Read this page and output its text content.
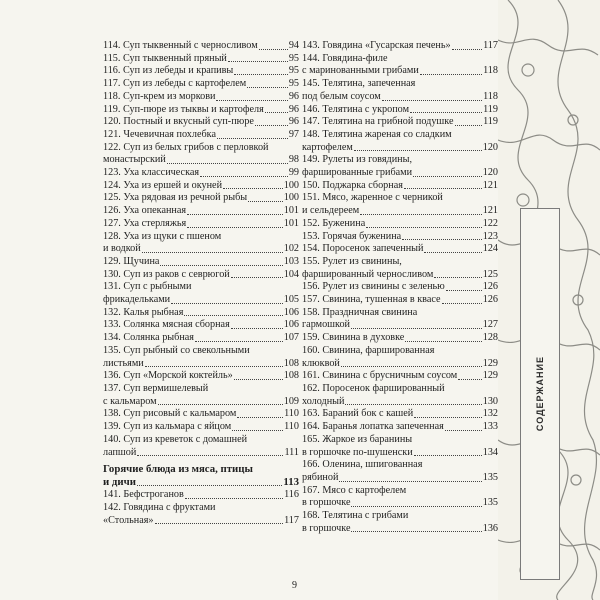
СОДЕРЖАНИЕ
114. Суп тыквенный с черносливом	94
115. Суп тыквенный пряный	95
116. Суп из лебеды и крапивы	95
117. Суп из лебеды с картофелем	95
118. Суп-крем из моркови	96
119. Суп-пюре из тыквы и картофеля 96
120. Постный и вкусный суп-пюре	96
121. Чечевичная похлебка	97
122. Суп из белых грибов с перловкой
монастырский	98
123. Уха классическая	99
124. Уха из ершей и окуней	100
125. Уха рядовая из речной рыбы	100
126. Уха опеканная	101
127. Уха стерляжья	101
128. Уха из щуки с пшеном
и водкой	102
129. Щучина	103
130. Суп из раков с севрюгой	104
131. Суп с рыбными
фрикадельками	105
132. Калья рыбная	106
133. Солянка мясная сборная	106
134. Солянка рыбная	107
135. Суп рыбный со свекольными
листьями	108
136. Суп «Морской коктейль»	108
137. Суп вермишелевый
с кальмаром	109
138. Суп рисовый с кальмаром	110
139. Суп из кальмара с яйцом	110
140. Суп из креветок с домашней
лапшой	111
Горячие блюда из мяса, птицы
и дичи	113
141. Бефстроганов	116
142. Говядина с фруктами
«Стольная»	117
143. Говядина «Гусарская печень»	117
144. Говядина-филе
с маринованными грибами	118
145. Телятина, запеченная
под белым соусом	118
146. Телятина с укропом	119
147. Телятина на грибной подушке	119
148. Телятина жареная со сладким
картофелем	120
149. Рулеты из говядины,
фаршированные грибами	120
150. Поджарка сборная	121
151. Мясо, жаренное с черникой
и сельдереем	121
152. Буженина	122
153. Горячая буженина	123
154. Поросенок запеченный	124
155. Рулет из свинины,
фаршированный черносливом	125
156. Рулет из свинины с зеленью	126
157. Свинина, тушенная в квасе	126
158. Праздничная свинина
гармошкой	127
159. Свинина в духовке	128
160. Свинина, фаршированная
клюквой	129
161. Свинина с брусничным соусом	129
162. Поросенок фаршированный
холодный	130
163. Бараний бок с кашей	132
164. Баранья лопатка запеченная	133
165. Жаркое из баранины
в горшочке по-шушенски	134
166. Оленина, шпигованная
рябиной	135
167. Мясо с картофелем
в горшочке	135
168. Телятина с грибами
в горшочке	136
9
